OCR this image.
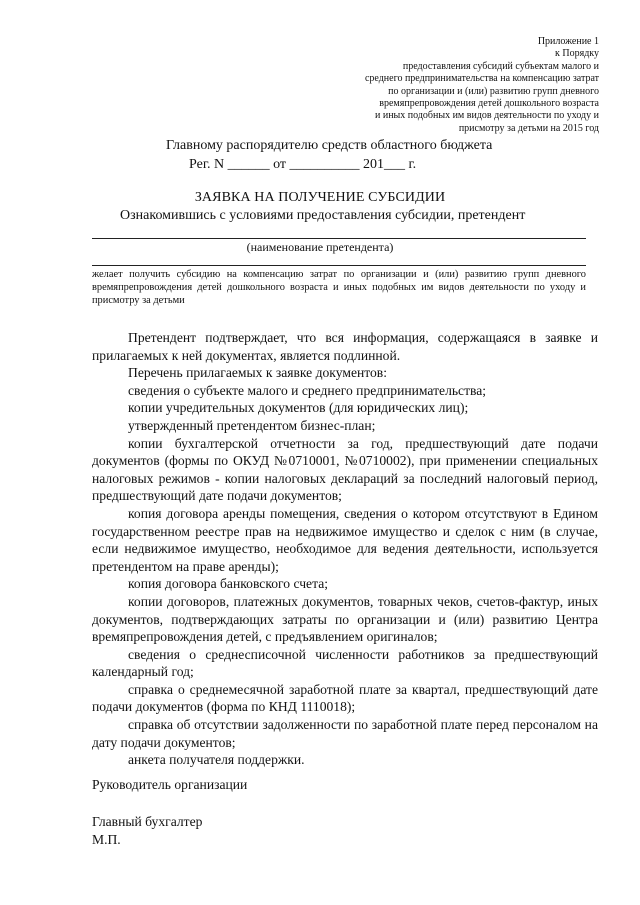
Приложение 1
к Порядку
предоставления субсидий субъектам малого и
среднего предпринимательства на компенсацию затрат
по организации и (или) развитию групп дневного
времяпрепровождения детей дошкольного возраста
и иных подобных им видов деятельности по уходу и
присмотру за детьми на 2015 год
Главному распорядителю средств областного бюджета
Рег. N ______ от __________ 201___ г.
ЗАЯВКА НА ПОЛУЧЕНИЕ СУБСИДИИ
Ознакомившись с условиями предоставления субсидии, претендент
(наименование претендента)

желает получить субсидию на компенсацию затрат по организации и (или) развитию групп дневного времяпрепровождения детей дошкольного возраста и иных подобных им видов деятельности по уходу и присмотру за детьми

Претендент подтверждает, что вся информация, содержащаяся в заявке и прилагаемых к ней документах, является подлинной.

Перечень прилагаемых к заявке документов:

сведения о субъекте малого и среднего предпринимательства;

копии учредительных документов (для юридических лиц);

утвержденный претендентом бизнес-план;

копии бухгалтерской отчетности за год, предшествующий дате подачи документов (формы по ОКУД №0710001, №0710002), при применении специальных налоговых режимов - копии налоговых деклараций за последний налоговый период, предшествующий дате подачи документов;

копия договора аренды помещения, сведения о котором отсутствуют в Едином государственном реестре прав на недвижимое имущество и сделок с ним (в случае, если недвижимое имущество, необходимое для ведения деятельности, используется претендентом на праве аренды);

копия договора банковского счета;

копии договоров, платежных документов, товарных чеков, счетов-фактур, иных документов, подтверждающих затраты по организации и (или) развитию Центра времяпрепровождения детей, с предъявлением оригиналов;

сведения о среднесписочной численности работников за предшествующий календарный год;

справка о среднемесячной заработной плате за квартал, предшествующий дате подачи документов (форма по КНД 1110018);

справка об отсутствии задолженности по заработной плате перед персоналом на дату подачи документов;

анкета получателя поддержки.

Руководитель организации
Главный бухгалтер
М.П.
